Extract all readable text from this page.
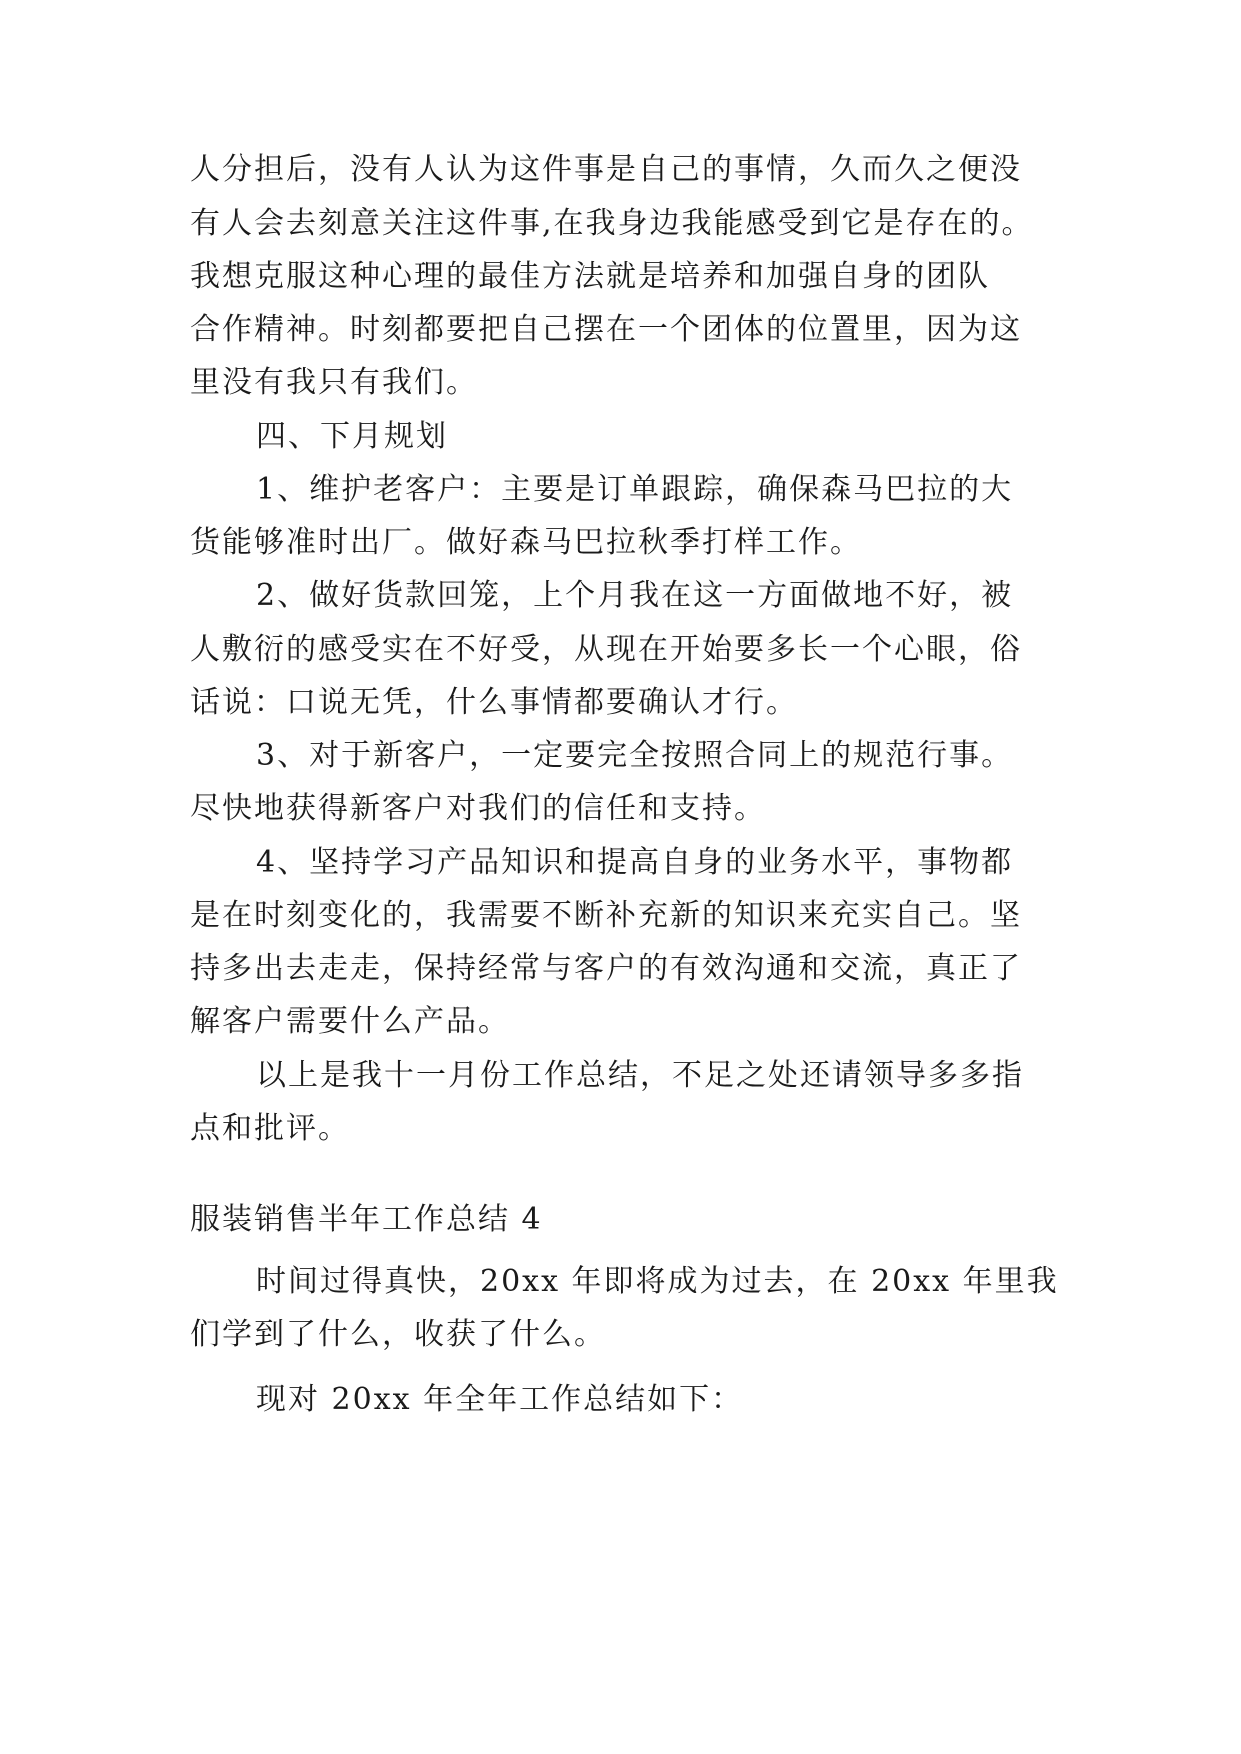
人分担后，没有人认为这件事是自己的事情，久而久之便没
有人会去刻意关注这件事,在我身边我能感受到它是存在的。
我想克服这种心理的最佳方法就是培养和加强自身的团队
合作精神。时刻都要把自己摆在一个团体的位置里，因为这
里没有我只有我们。
四、下月规划
1、维护老客户：主要是订单跟踪，确保森马巴拉的大
货能够准时出厂。做好森马巴拉秋季打样工作。
2、做好货款回笼，上个月我在这一方面做地不好，被
人敷衍的感受实在不好受，从现在开始要多长一个心眼，俗
话说：口说无凭，什么事情都要确认才行。
3、对于新客户，一定要完全按照合同上的规范行事。
尽快地获得新客户对我们的信任和支持。
4、坚持学习产品知识和提高自身的业务水平，事物都
是在时刻变化的，我需要不断补充新的知识来充实自己。坚
持多出去走走，保持经常与客户的有效沟通和交流，真正了
解客户需要什么产品。
以上是我十一月份工作总结，不足之处还请领导多多指
点和批评。
服装销售半年工作总结 4
时间过得真快，20xx 年即将成为过去，在 20xx 年里我
们学到了什么，收获了什么。
现对 20xx 年全年工作总结如下：
